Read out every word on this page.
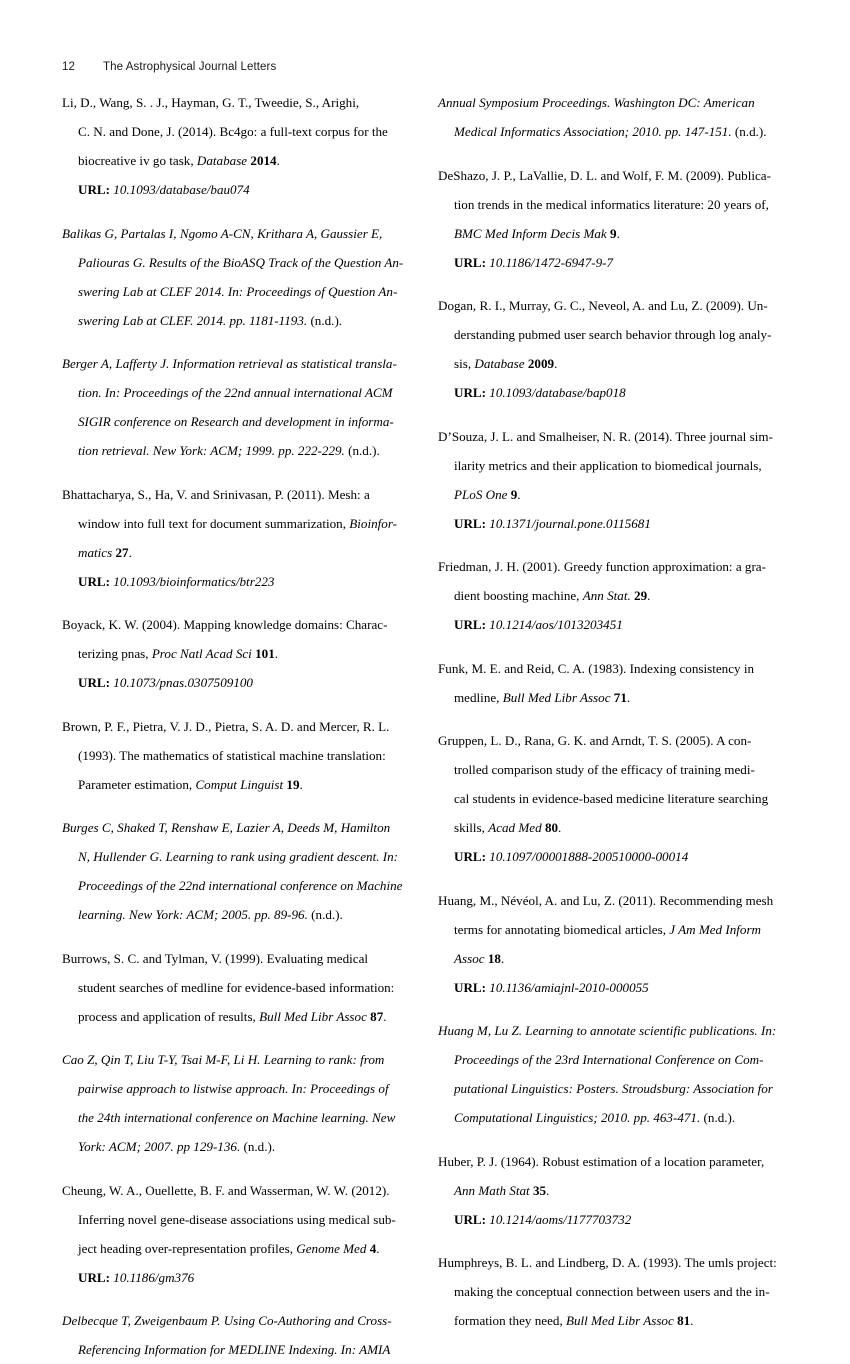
12	The Astrophysical Journal Letters

Li, D., Wang, S. . J., Hayman, G. T., Tweedie, S., Arighi,
C. N. and Done, J. (2014). Bc4go: a full-text corpus for the
biocreative iv go task, Database 2014.
URL: 10.1093/database/bau074

Balikas G, Partalas I, Ngomo A-CN, Krithara A, Gaussier E,
Paliouras G. Results of the BioASQ Track of the Question An-
swering Lab at CLEF 2014. In: Proceedings of Question An-
swering Lab at CLEF. 2014. pp. 1181-1193. (n.d.).

Berger A, Lafferty J. Information retrieval as statistical transla-
tion. In: Proceedings of the 22nd annual international ACM
SIGIR conference on Research and development in informa-
tion retrieval. New York: ACM; 1999. pp. 222-229. (n.d.).

Bhattacharya, S., Ha, V. and Srinivasan, P. (2011). Mesh: a
window into full text for document summarization, Bioinfor-
matics 27.
URL: 10.1093/bioinformatics/btr223

Boyack, K. W. (2004). Mapping knowledge domains: Charac-
terizing pnas, Proc Natl Acad Sci 101.
URL: 10.1073/pnas.0307509100

Brown, P. F., Pietra, V. J. D., Pietra, S. A. D. and Mercer, R. L.
(1993). The mathematics of statistical machine translation:
Parameter estimation, Comput Linguist 19.

Burges C, Shaked T, Renshaw E, Lazier A, Deeds M, Hamilton
N, Hullender G. Learning to rank using gradient descent. In:
Proceedings of the 22nd international conference on Machine
learning. New York: ACM; 2005. pp. 89-96. (n.d.).

Burrows, S. C. and Tylman, V. (1999). Evaluating medical
student searches of medline for evidence-based information:
process and application of results, Bull Med Libr Assoc 87.

Cao Z, Qin T, Liu T-Y, Tsai M-F, Li H. Learning to rank: from
pairwise approach to listwise approach. In: Proceedings of
the 24th international conference on Machine learning. New
York: ACM; 2007. pp 129-136. (n.d.).

Cheung, W. A., Ouellette, B. F. and Wasserman, W. W. (2012).
Inferring novel gene-disease associations using medical sub-
ject heading over-representation profiles, Genome Med 4.
URL: 10.1186/gm376

Delbecque T, Zweigenbaum P. Using Co-Authoring and Cross-
Referencing Information for MEDLINE Indexing. In: AMIA

Annual Symposium Proceedings. Washington DC: American
Medical Informatics Association; 2010. pp. 147-151. (n.d.).

DeShazo, J. P., LaVallie, D. L. and Wolf, F. M. (2009). Publica-
tion trends in the medical informatics literature: 20 years of,
BMC Med Inform Decis Mak 9.
URL: 10.1186/1472-6947-9-7

Dogan, R. I., Murray, G. C., Neveol, A. and Lu, Z. (2009). Un-
derstanding pubmed user search behavior through log analy-
sis, Database 2009.
URL: 10.1093/database/bap018

D’Souza, J. L. and Smalheiser, N. R. (2014). Three journal sim-
ilarity metrics and their application to biomedical journals,
PLoS One 9.
URL: 10.1371/journal.pone.0115681

Friedman, J. H. (2001). Greedy function approximation: a gra-
dient boosting machine, Ann Stat. 29.
URL: 10.1214/aos/1013203451

Funk, M. E. and Reid, C. A. (1983). Indexing consistency in
medline, Bull Med Libr Assoc 71.

Gruppen, L. D., Rana, G. K. and Arndt, T. S. (2005). A con-
trolled comparison study of the efficacy of training medi-
cal students in evidence-based medicine literature searching
skills, Acad Med 80.
URL: 10.1097/00001888-200510000-00014

Huang, M., Névéol, A. and Lu, Z. (2011). Recommending mesh
terms for annotating biomedical articles, J Am Med Inform
Assoc 18.
URL: 10.1136/amiajnl-2010-000055

Huang M, Lu Z. Learning to annotate scientific publications. In:
Proceedings of the 23rd International Conference on Com-
putational Linguistics: Posters. Stroudsburg: Association for
Computational Linguistics; 2010. pp. 463-471. (n.d.).

Huber, P. J. (1964). Robust estimation of a location parameter,
Ann Math Stat 35.
URL: 10.1214/aoms/1177703732

Humphreys, B. L. and Lindberg, D. A. (1993). The umls project:
making the conceptual connection between users and the in-
formation they need, Bull Med Libr Assoc 81.
